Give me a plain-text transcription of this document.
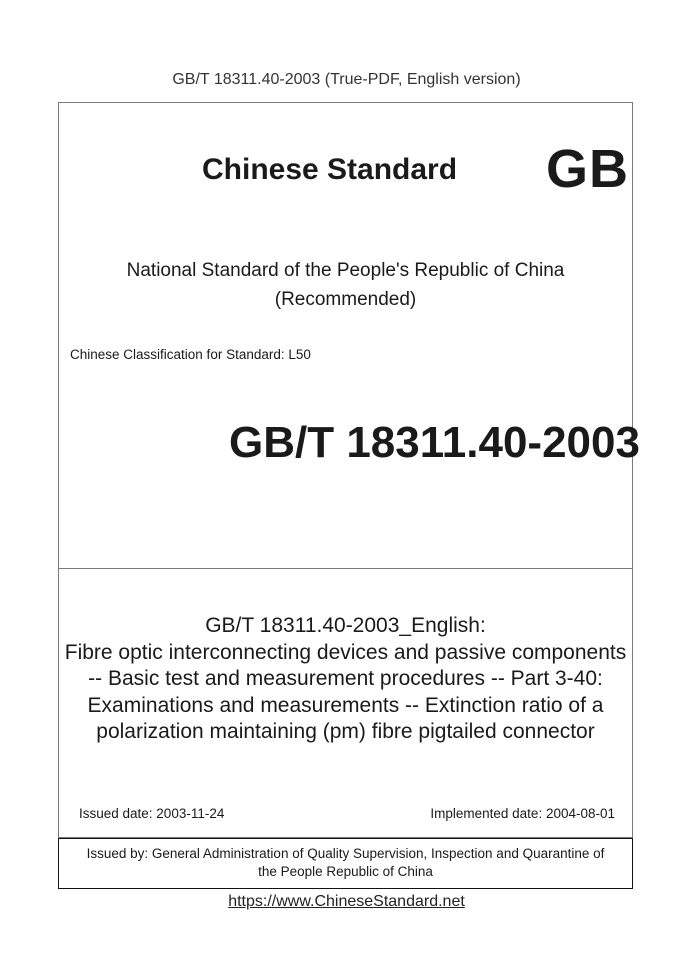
GB/T 18311.40-2003 (True-PDF, English version)
Chinese Standard GB
National Standard of the People's Republic of China
(Recommended)
Chinese Classification for Standard: L50
GB/T 18311.40-2003
GB/T 18311.40-2003_English:
Fibre optic interconnecting devices and passive components
-- Basic test and measurement procedures -- Part 3-40:
Examinations and measurements -- Extinction ratio of a
polarization maintaining (pm) fibre pigtailed connector
Issued date: 2003-11-24	Implemented date: 2004-08-01
Issued by: General Administration of Quality Supervision, Inspection and Quarantine of
the People Republic of China
https://www.ChineseStandard.net
